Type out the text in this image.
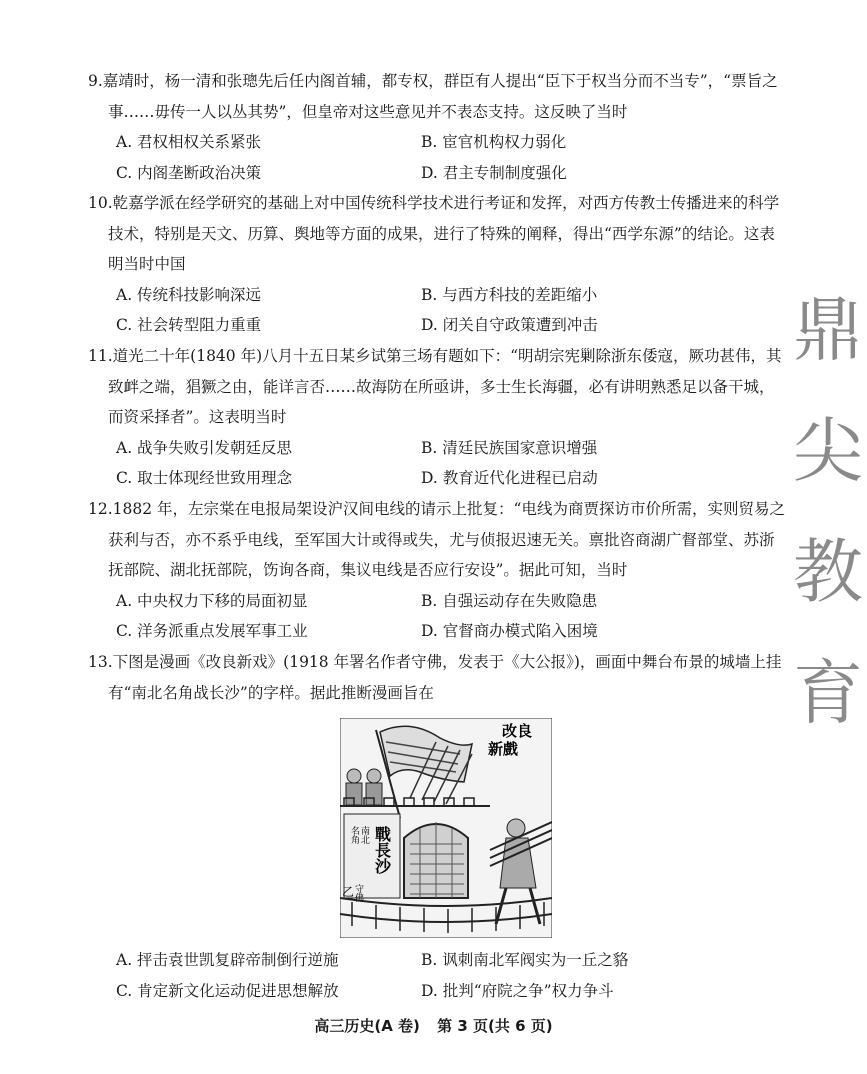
9.嘉靖时，杨一清和张璁先后任内阁首辅，都专权，群臣有人提出“臣下于权当分而不当专”，“票旨之事……毋传一人以丛其势”，但皇帝对这些意见并不表态支持。这反映了当时

A. 君权相权关系紧张	B. 宦官机构权力弱化
C. 内阁垄断政治决策	D. 君主专制制度强化

10.乾嘉学派在经学研究的基础上对中国传统科学技术进行考证和发挥，对西方传教士传播进来的科学技术，特别是天文、历算、舆地等方面的成果，进行了特殊的阐释，得出“西学东源”的结论。这表明当时中国

A. 传统科技影响深远	B. 与西方科技的差距缩小
C. 社会转型阻力重重	D. 闭关自守政策遭到冲击

11.道光二十年(1840 年)八月十五日某乡试第三场有题如下：“明胡宗宪剿除浙东倭寇，厥功甚伟，其致衅之端，猖獗之由，能详言否……故海防在所亟讲，多士生长海疆，必有讲明熟悉足以备干城，而资采择者”。这表明当时

A. 战争失败引发朝廷反思	B. 清廷民族国家意识增强
C. 取士体现经世致用理念	D. 教育近代化进程已启动

12.1882 年，左宗棠在电报局架设沪汉间电线的请示上批复：“电线为商贾探访市价所需，实则贸易之获利与否，亦不系乎电线，至军国大计或得或失，尤与侦报迟速无关。禀批咨商湖广督部堂、苏浙抚部院、湖北抚部院，饬询各商，集议电线是否应行安设”。据此可知，当时

A. 中央权力下移的局面初显	B. 自强运动存在失败隐患
C. 洋务派重点发展军事工业	D. 官督商办模式陷入困境

13.下图是漫画《改良新戏》(1918 年署名作者守佛，发表于《大公报》)，画面中舞台布景的城墙上挂有“南北名角战长沙”的字样。据此推断漫画旨在

改良
新戲
南北
名角 戰長沙
守佛
乙
A. 抨击袁世凯复辟帝制倒行逆施	B. 讽刺南北军阀实为一丘之貉
C. 肯定新文化运动促进思想解放	D. 批判“府院之争”权力争斗
鼎
尖
教
育
高三历史(A 卷) 第 3 页(共 6 页)
